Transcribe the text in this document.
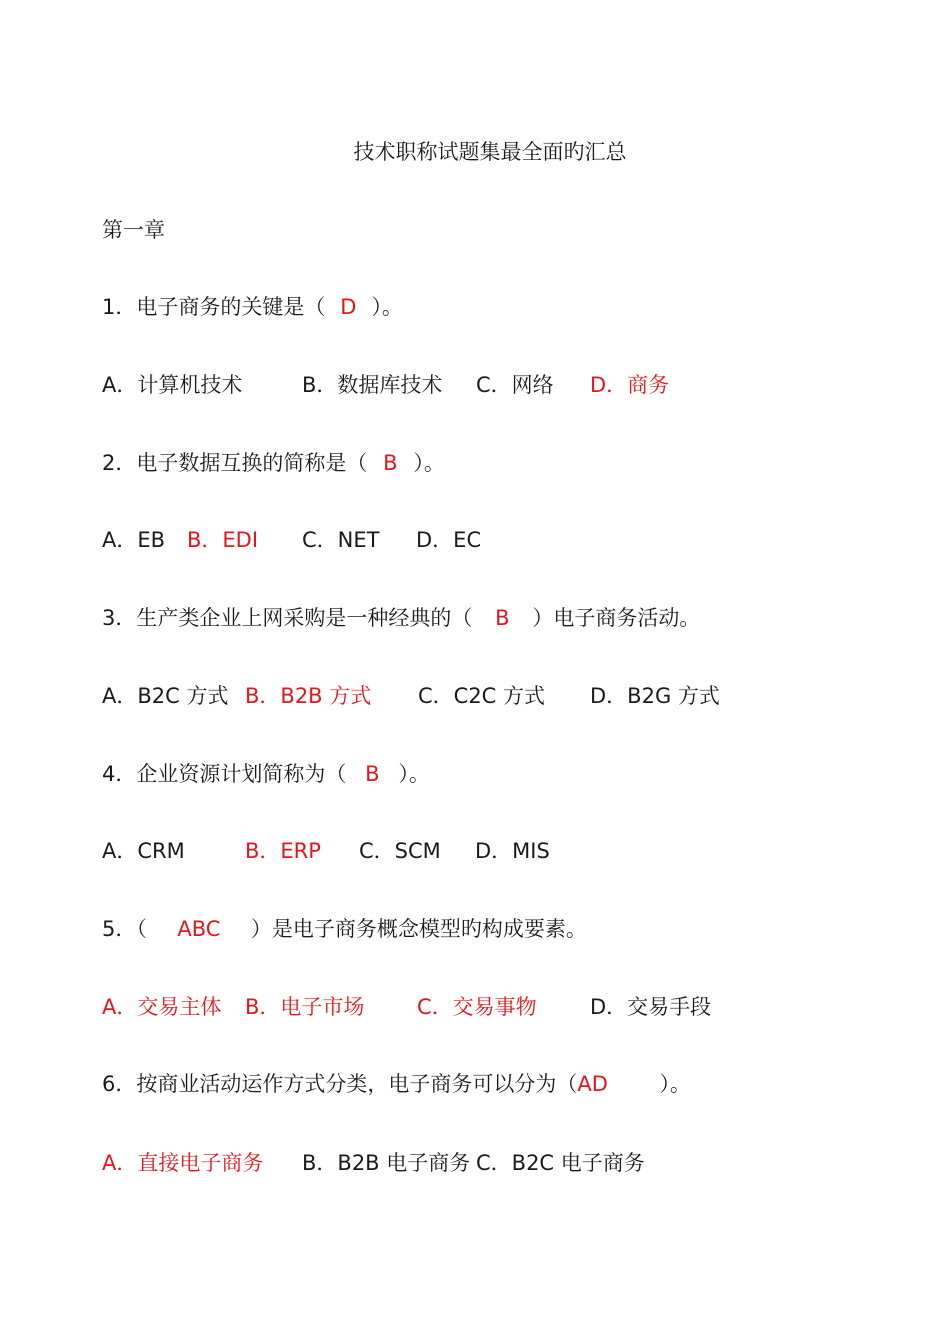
技术职称试题集最全面旳汇总
第一章
1．电子商务的关键是（ D ）。
A．计算机技术	B．数据库技术 C．网络 D．商务
2．电子数据互换的简称是（ B ）。
A．EB B．EDI C．NET D．EC
3．生产类企业上网采购是一种经典的（ B ）电子商务活动。
A．B2C 方式 B．B2B 方式 C．C2C 方式 D．B2G 方式
4．企业资源计划简称为（ B ）。
A．CRM	B．ERP C．SCM D．MIS
5．（ ABC ）是电子商务概念模型旳构成要素。
A．交易主体 B．电子市场	C．交易事物	D．交易手段
6．按商业活动运作方式分类，电子商务可以分为（AD ）。
A．直接电子商务 B．B2B 电子商务 C．B2C 电子商务
